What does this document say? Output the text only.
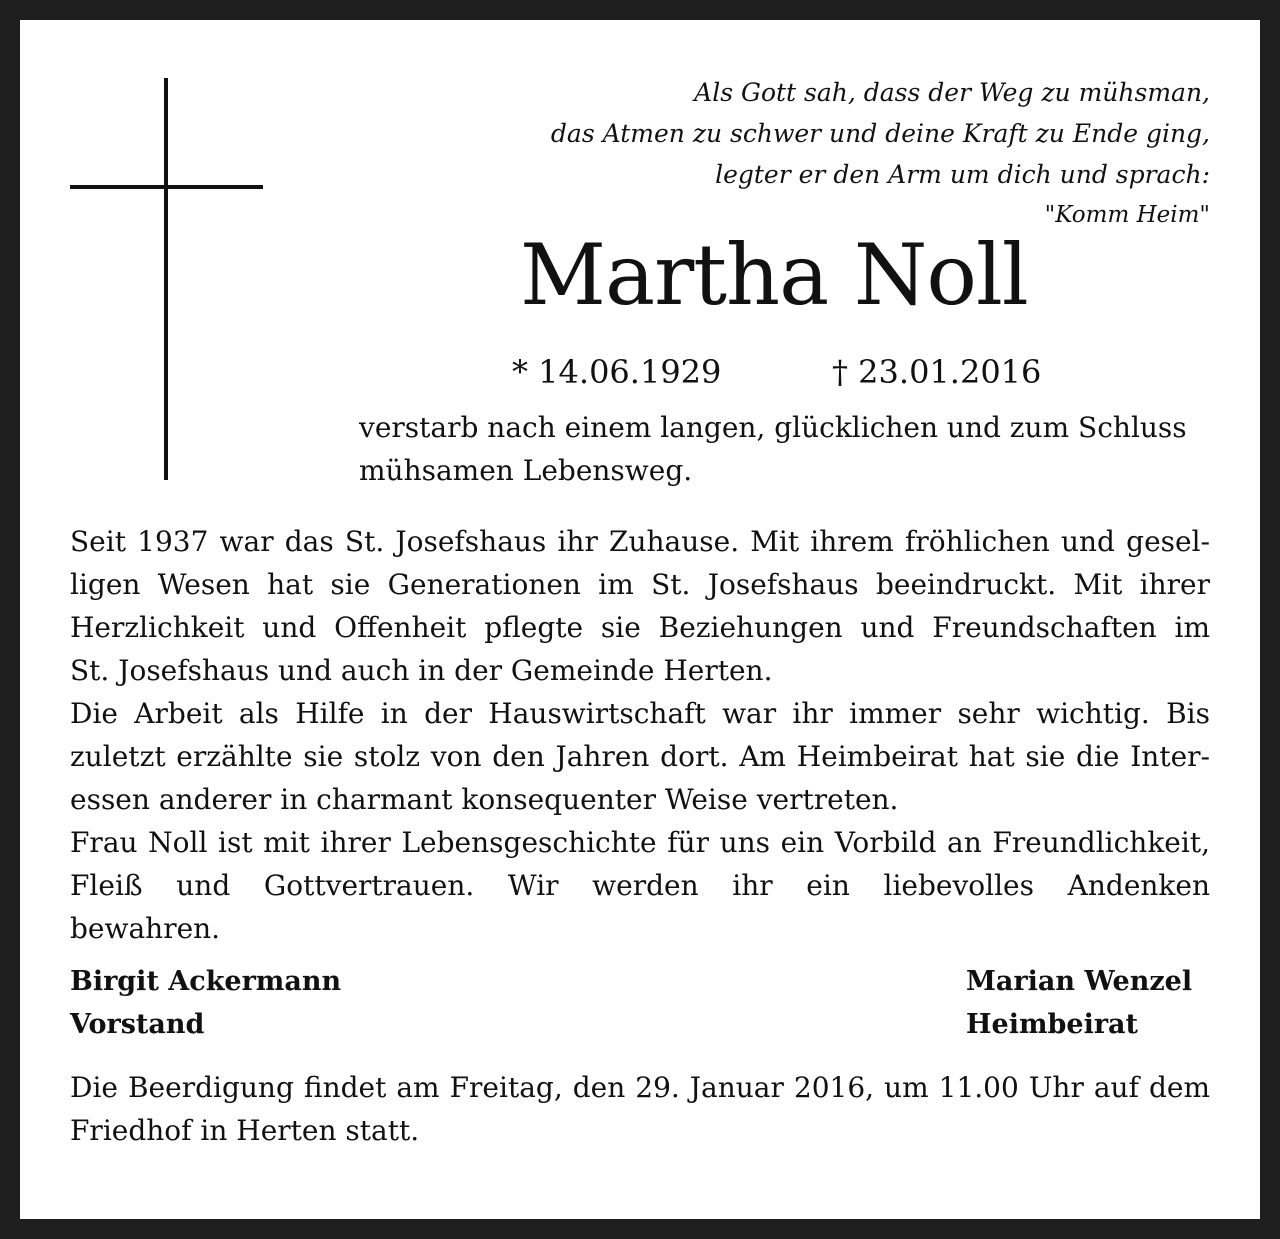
Als Gott sah, dass der Weg zu mühsman,
das Atmen zu schwer und deine Kraft zu Ende ging,
legter er den Arm um dich und sprach:
"Komm Heim"
Martha Noll
* 14.06.1929	† 23.01.2016
verstarb nach einem langen, glücklichen und zum Schluss
mühsamen Lebensweg.
Seit 1937 war das St. Josefshaus ihr Zuhause. Mit ihrem fröhlichen und gesel-
ligen Wesen hat sie Generationen im St. Josefshaus beeindruckt. Mit ihrer
Herzlichkeit und Offenheit pflegte sie Beziehungen und Freundschaften im
St. Josefshaus und auch in der Gemeinde Herten.
Die Arbeit als Hilfe in der Hauswirtschaft war ihr immer sehr wichtig. Bis
zuletzt erzählte sie stolz von den Jahren dort. Am Heimbeirat hat sie die Inter-
essen anderer in charmant konsequenter Weise vertreten.
Frau Noll ist mit ihrer Lebensgeschichte für uns ein Vorbild an Freundlichkeit,
Fleiß und Gottvertrauen. Wir werden ihr ein liebevolles Andenken
bewahren.
Birgit Ackermann
Vorstand
Marian Wenzel
Heimbeirat
Die Beerdigung findet am Freitag, den 29. Januar 2016, um 11.00 Uhr auf dem
Friedhof in Herten statt.
